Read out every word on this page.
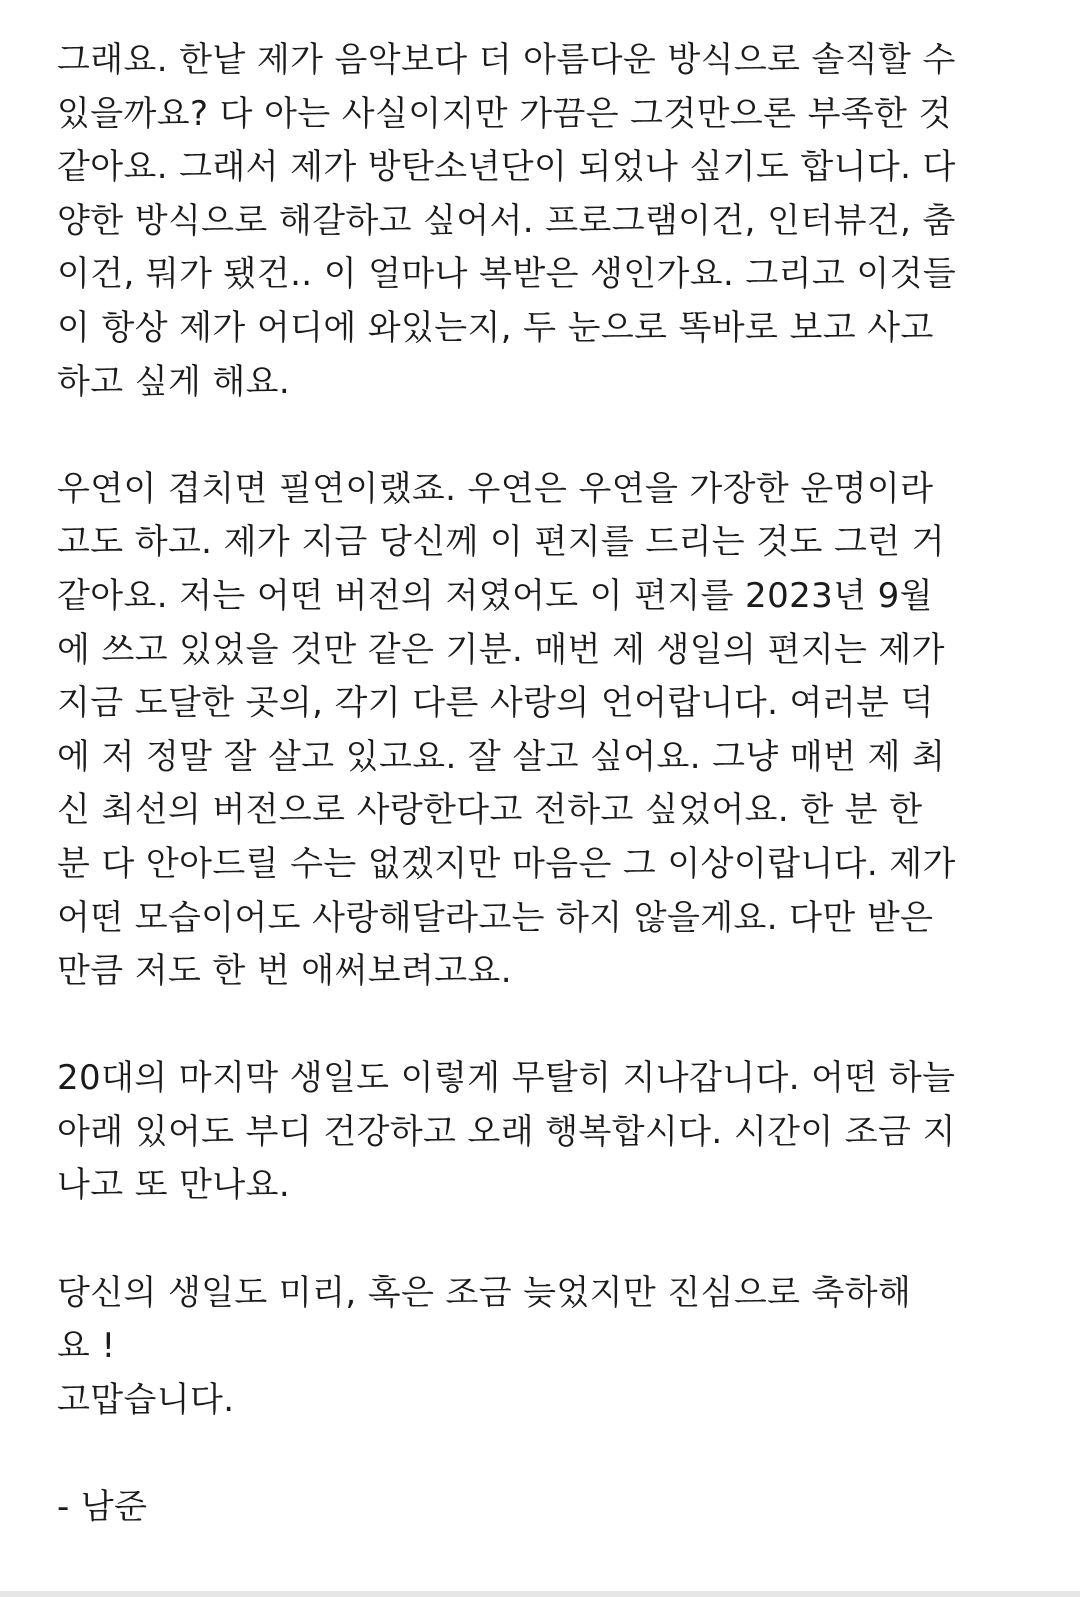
그래요. 한낱 제가 음악보다 더 아름다운 방식으로 솔직할 수
있을까요? 다 아는 사실이지만 가끔은 그것만으론 부족한 것
같아요. 그래서 제가 방탄소년단이 되었나 싶기도 합니다. 다
양한 방식으로 해갈하고 싶어서. 프로그램이건, 인터뷰건, 춤
이건, 뭐가 됐건.. 이 얼마나 복받은 생인가요. 그리고 이것들
이 항상 제가 어디에 와있는지, 두 눈으로 똑바로 보고 사고
하고 싶게 해요.
우연이 겹치면 필연이랬죠. 우연은 우연을 가장한 운명이라
고도 하고. 제가 지금 당신께 이 편지를 드리는 것도 그런 거
같아요. 저는 어떤 버전의 저였어도 이 편지를 2023년 9월
에 쓰고 있었을 것만 같은 기분. 매번 제 생일의 편지는 제가
지금 도달한 곳의, 각기 다른 사랑의 언어랍니다. 여러분 덕
에 저 정말 잘 살고 있고요. 잘 살고 싶어요. 그냥 매번 제 최
신 최선의 버전으로 사랑한다고 전하고 싶었어요. 한 분 한
분 다 안아드릴 수는 없겠지만 마음은 그 이상이랍니다. 제가
어떤 모습이어도 사랑해달라고는 하지 않을게요. 다만 받은
만큼 저도 한 번 애써보려고요.
20대의 마지막 생일도 이렇게 무탈히 지나갑니다. 어떤 하늘
아래 있어도 부디 건강하고 오래 행복합시다. 시간이 조금 지
나고 또 만나요.
당신의 생일도 미리, 혹은 조금 늦었지만 진심으로 축하해
요 !
고맙습니다.
- 남준
